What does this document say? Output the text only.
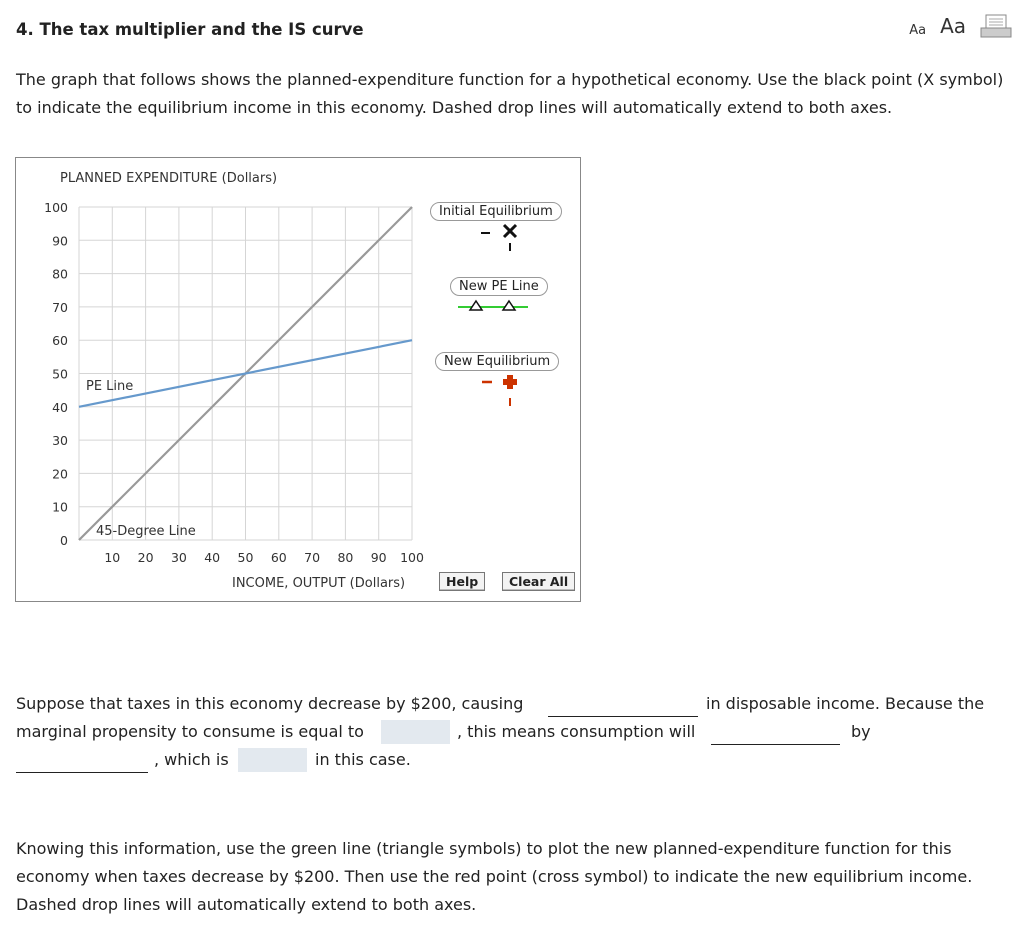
4. The tax multiplier and the IS curve	Aa Aa
The graph that follows shows the planned-expenditure function for a hypothetical economy. Use the black point (X symbol) to indicate the equilibrium income in this economy. Dashed drop lines will automatically extend to both axes.
PLANNED EXPENDITURE (Dollars)
100
90
80
70
60
50
40
30
20
10
0
10 20 30 40 50 60 70 80 90 100
PE Line
45-Degree Line
INCOME, OUTPUT (Dollars)
Initial Equilibrium
New PE Line
New Equilibrium
Help	Clear All
Suppose that taxes in this economy decrease by $200, causing	in disposable income. Because the
marginal propensity to consume is equal to	, this means consumption will	by
, which is	in this case.
Knowing this information, use the green line (triangle symbols) to plot the new planned-expenditure function for this economy when taxes decrease by $200. Then use the red point (cross symbol) to indicate the new equilibrium income. Dashed drop lines will automatically extend to both axes.
